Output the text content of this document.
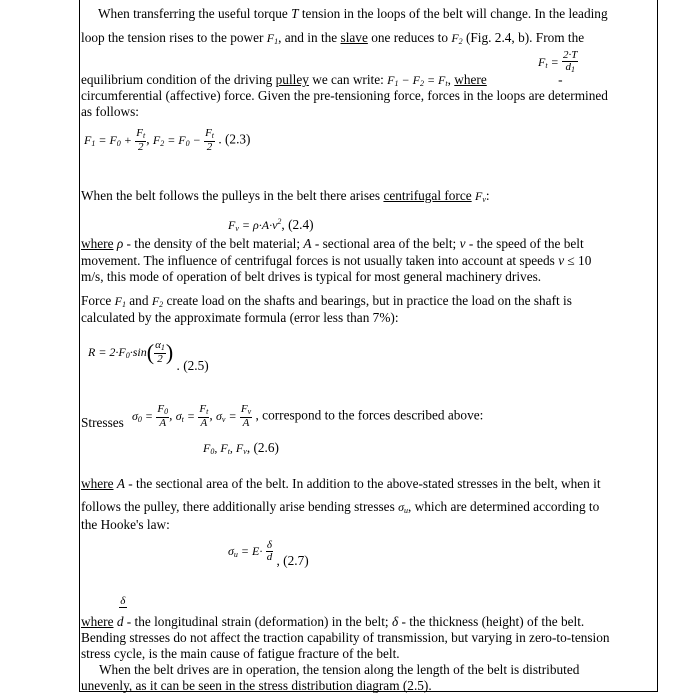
When transferring the useful torque T tension in the loops of the belt will change. In the leading
loop the tension rises to the power $F_1$, and in the slave one reduces to $F_2$ (Fig. 2.4, b). From the
$F_t = \frac{2\cdot T}{d_1}$
equilibrium condition of the driving pulley we can write: $F_1 - F_2 = F_t$, where	-
circumferential (affective) force. Given the pre-tensioning force, forces in the loops are determined
as follows:
$F_1 = F_0 + \frac{F_t}{2}$ , $F_2 = F_0 - \frac{F_t}{2}$ . (2.3)
When the belt follows the pulleys in the belt there arises centrifugal force $F_v$:
$F_v = \rho\cdot A\cdot v^2$, (2.4)
where ρ - the density of the belt material; A - sectional area of the belt; v - the speed of the belt
movement. The influence of centrifugal forces is not usually taken into account at speeds v ≤ 10
m/s, this mode of operation of belt drives is typical for most general machinery drives.
Force $F_1$ and $F_2$ create load on the shafts and bearings, but in practice the load on the shaft is
calculated by the approximate formula (error less than 7%):
$R = 2\cdot F_0\cdot\sin( \frac{\alpha_1}{2}$ ) . (2.5)
Stresses $\sigma_0 = \frac{F_0}{A}$ , $\sigma_t = \frac{F_t}{A}$ , $\sigma_v = \frac{F_v}{A}$ , correspond to the forces described above:
$F_0$, $F_t$, $F_v$, (2.6)
where A - the sectional area of the belt. In addition to the above-stated stresses in the belt, when it
follows the pulley, there additionally arise bending stresses $\sigma_u$, which are determined according to
the Hooke's law:
$\sigma_u = E\cdot \frac{\delta}{d}$ , (2.7)
δ
where d - the longitudinal strain (deformation) in the belt; δ - the thickness (height) of the belt.
Bending stresses do not affect the traction capability of transmission, but varying in zero-to-tension
stress cycle, is the main cause of fatigue fracture of the belt.
When the belt drives are in operation, the tension along the length of the belt is distributed
unevenly, as it can be seen in the stress distribution diagram (2.5).
